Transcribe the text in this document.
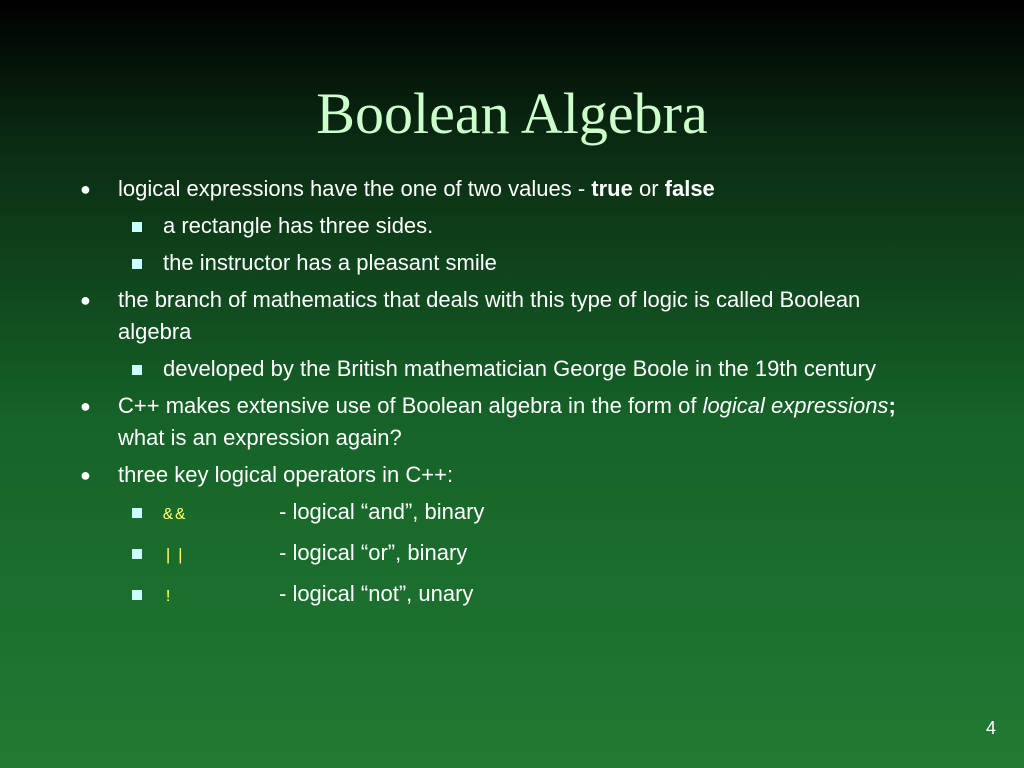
Boolean Algebra
● logical expressions have the one of two values - true or false
a rectangle has three sides.
the instructor has a pleasant smile
● the branch of mathematics that deals with this type of logic is called Boolean algebra
developed by the British mathematician George Boole in the 19th century
● C++ makes extensive use of Boolean algebra in the form of logical expressions; what is an expression again?
● three key logical operators in C++:
&&	- logical “and”, binary
||	- logical “or”, binary
!	- logical “not”, unary
4
